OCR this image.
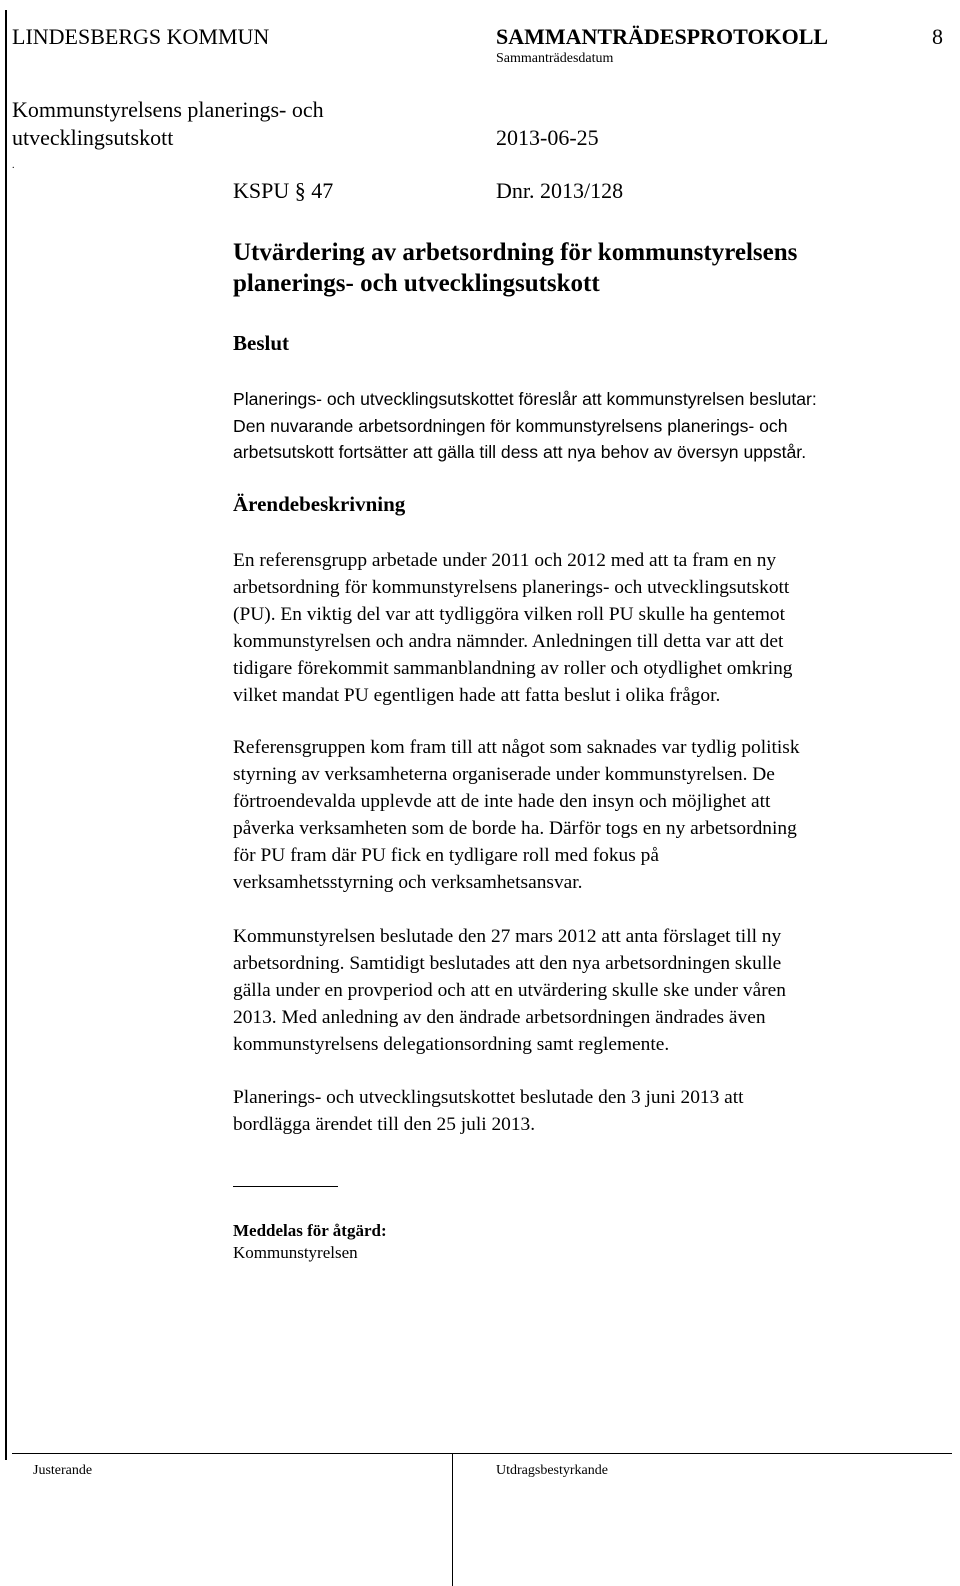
LINDESBERGS KOMMUN	SAMMANTRÄDESPROTOKOLL	8
Sammanträdesdatum
Kommunstyrelsens planerings- och
utvecklingsutskott	2013-06-25
.
KSPU § 47	Dnr. 2013/128
Utvärdering av arbetsordning för kommunstyrelsens
planerings- och utvecklingsutskott
Beslut
Planerings- och utvecklingsutskottet föreslår att kommunstyrelsen beslutar:
Den nuvarande arbetsordningen för kommunstyrelsens planerings- och
arbetsutskott fortsätter att gälla till dess att nya behov av översyn uppstår.
Ärendebeskrivning
En referensgrupp arbetade under 2011 och 2012 med att ta fram en ny
arbetsordning för kommunstyrelsens planerings- och utvecklingsutskott
(PU). En viktig del var att tydliggöra vilken roll PU skulle ha gentemot
kommunstyrelsen och andra nämnder. Anledningen till detta var att det
tidigare förekommit sammanblandning av roller och otydlighet omkring
vilket mandat PU egentligen hade att fatta beslut i olika frågor.
Referensgruppen kom fram till att något som saknades var tydlig politisk
styrning av verksamheterna organiserade under kommunstyrelsen. De
förtroendevalda upplevde att de inte hade den insyn och möjlighet att
påverka verksamheten som de borde ha. Därför togs en ny arbetsordning
för PU fram där PU fick en tydligare roll med fokus på
verksamhetsstyrning och verksamhetsansvar.
Kommunstyrelsen beslutade den 27 mars 2012 att anta förslaget till ny
arbetsordning. Samtidigt beslutades att den nya arbetsordningen skulle
gälla under en provperiod och att en utvärdering skulle ske under våren
2013. Med anledning av den ändrade arbetsordningen ändrades även
kommunstyrelsens delegationsordning samt reglemente.
Planerings- och utvecklingsutskottet beslutade den 3 juni 2013 att
bordlägga ärendet till den 25 juli 2013.
Meddelas för åtgärd:
Kommunstyrelsen
Justerande	Utdragsbestyrkande
